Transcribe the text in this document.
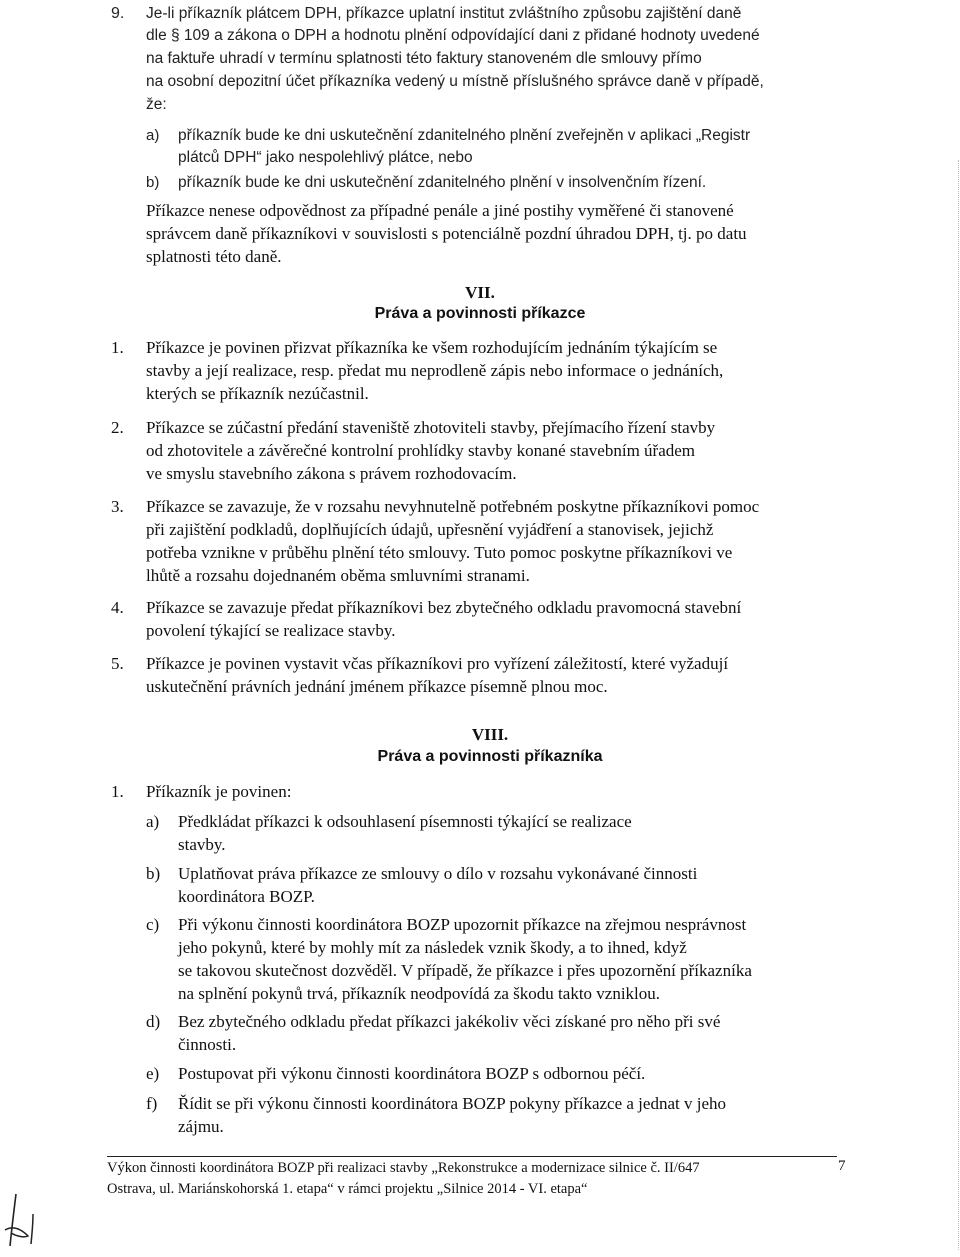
9. Je-li příkazník plátcem DPH, příkazce uplatní institut zvláštního způsobu zajištění daně
dle § 109 a zákona o DPH a hodnotu plnění odpovídající dani z přidané hodnoty uvedené
na faktuře uhradí v termínu splatnosti této faktury stanoveném dle smlouvy přímo
na osobní depozitní účet příkazníka vedený u místně příslušného správce daně v případě,
že:
a) příkazník bude ke dni uskutečnění zdanitelného plnění zveřejněn v aplikaci „Registr
plátců DPH“ jako nespolehlivý plátce, nebo
b) příkazník bude ke dni uskutečnění zdanitelného plnění v insolvenčním řízení.
Příkazce nenese odpovědnost za případné penále a jiné postihy vyměřené či stanovené
správcem daně příkazníkovi v souvislosti s potenciálně pozdní úhradou DPH, tj. po datu
splatnosti této daně.
VII.
Práva a povinnosti příkazce
1. Příkazce je povinen přizvat příkazníka ke všem rozhodujícím jednáním týkajícím se
stavby a její realizace, resp. předat mu neprodleně zápis nebo informace o jednáních,
kterých se příkazník nezúčastnil.
2. Příkazce se zúčastní předání staveniště zhotoviteli stavby, přejímacího řízení stavby
od zhotovitele a závěrečné kontrolní prohlídky stavby konané stavebním úřadem
ve smyslu stavebního zákona s právem rozhodovacím.
3. Příkazce se zavazuje, že v rozsahu nevyhnutelně potřebném poskytne příkazníkovi pomoc
při zajištění podkladů, doplňujících údajů, upřesnění vyjádření a stanovisek, jejichž
potřeba vznikne v průběhu plnění této smlouvy. Tuto pomoc poskytne příkazníkovi ve
lhůtě a rozsahu dojednaném oběma smluvními stranami.
4. Příkazce se zavazuje předat příkazníkovi bez zbytečného odkladu pravomocná stavební
povolení týkající se realizace stavby.
5. Příkazce je povinen vystavit včas příkazníkovi pro vyřízení záležitostí, které vyžadují
uskutečnění právních jednání jménem příkazce písemně plnou moc.
VIII.
Práva a povinnosti příkazníka
1. Příkazník je povinen:
a) Předkládat příkazci k odsouhlasení písemnosti týkající se realizace
stavby.
b) Uplatňovat práva příkazce ze smlouvy o dílo v rozsahu vykonávané činnosti
koordinátora BOZP.
c) Při výkonu činnosti koordinátora BOZP upozornit příkazce na zřejmou nesprávnost
jeho pokynů, které by mohly mít za následek vznik škody, a to ihned, když
se takovou skutečnost dozvěděl. V případě, že příkazce i přes upozornění příkazníka
na splnění pokynů trvá, příkazník neodpovídá za škodu takto vzniklou.
d) Bez zbytečného odkladu předat příkazci jakékoliv věci získané pro něho při své
činnosti.
e) Postupovat při výkonu činnosti koordinátora BOZP s odbornou péčí.
f) Řídit se při výkonu činnosti koordinátora BOZP pokyny příkazce a jednat v jeho
zájmu.
Výkon činnosti koordinátora BOZP při realizaci stavby „Rekonstrukce a modernizace silnice č. II/647
Ostrava, ul. Mariánskohorská 1. etapa“ v rámci projektu „Silnice 2014 - VI. etapa“
7
